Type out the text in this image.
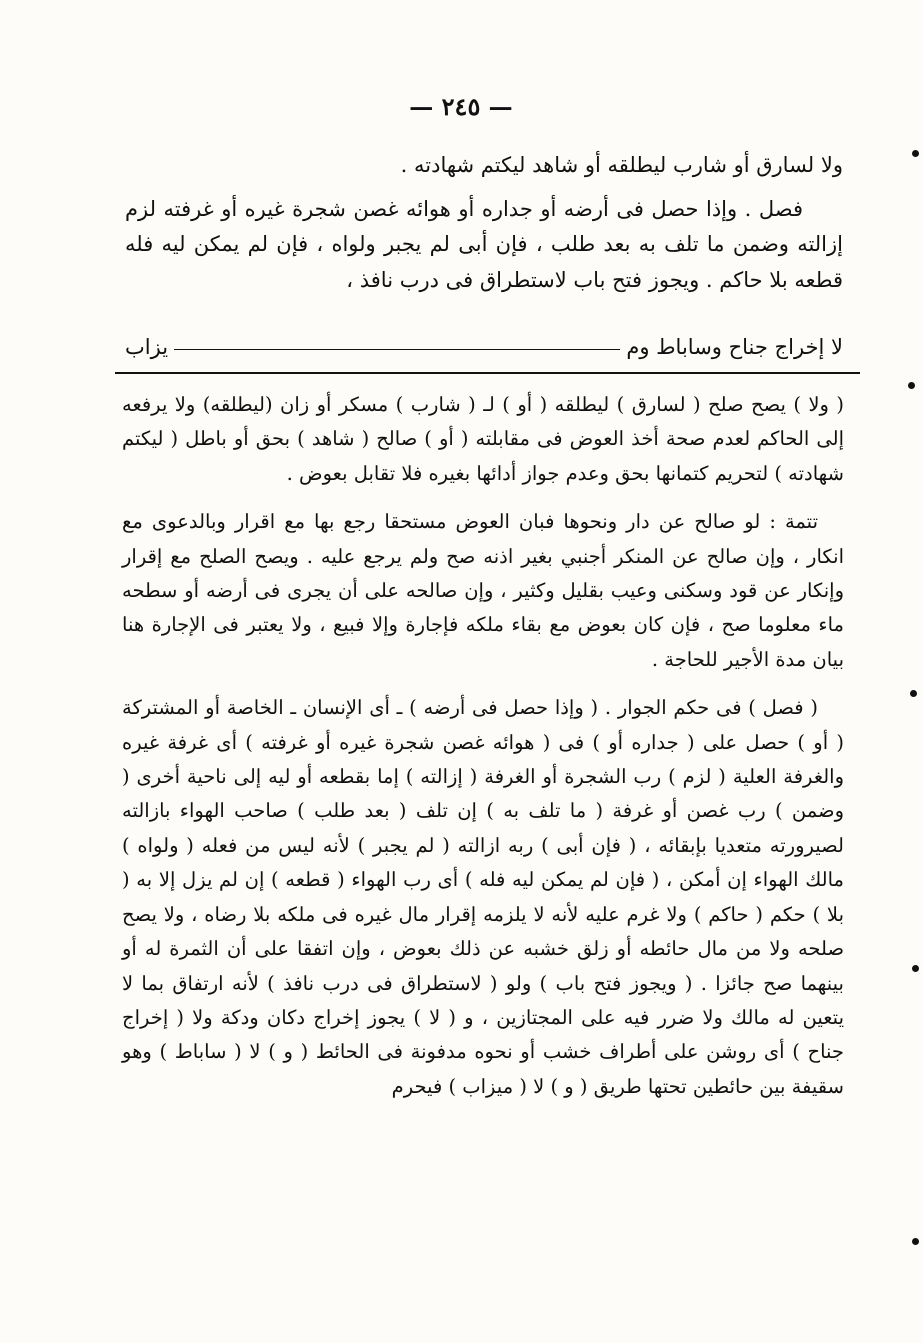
— ٢٤٥ —

ولا لسارق أو شارب ليطلقه أو شاهد ليكتم شهادته .

فصل . وإذا حصل فى أرضه أو جداره أو هوائه غصن شجرة غيره أو غرفته لزم إزالته وضمن ما تلف به بعد طلب ، فإن أبى لم يجبر ولواه ، فإن لم يمكن ليه فله قطعه بلا حاكم . ويجوز فتح باب لاستطراق فى درب نافذ ،

لا إخراج جناح وساباط وم
يزاب

( ولا ) يصح صلح ( لسارق ) ليطلقه ( أو ) لـ ( شارب ) مسكر أو زان (ليطلقه) ولا يرفعه إلى الحاكم لعدم صحة أخذ العوض فى مقابلته ( أو ) صالح ( شاهد ) بحق أو باطل ( ليكتم شهادته ) لتحريم كتمانها بحق وعدم جواز أدائها بغيره فلا تقابل بعوض .

تتمة : لو صالح عن دار ونحوها فبان العوض مستحقا رجع بها مع اقرار وبالدعوى مع انكار ، وإن صالح عن المنكر أجنبي بغير اذنه صح ولم يرجع عليه . ويصح الصلح مع إقرار وإنكار عن قود وسكنى وعيب بقليل وكثير ، وإن صالحه على أن يجرى فى أرضه أو سطحه ماء معلوما صح ، فإن كان بعوض مع بقاء ملكه فإجارة وإلا فبيع ، ولا يعتبر فى الإجارة هنا بيان مدة الأجير للحاجة .

( فصل ) فى حكم الجوار . ( وإذا حصل فى أرضه ) ـ أى الإنسان ـ الخاصة أو المشتركة ( أو ) حصل على ( جداره أو ) فى ( هوائه غصن شجرة غيره أو غرفته ) أى غرفة غيره والغرفة العلية ( لزم ) رب الشجرة أو الغرفة ( إزالته ) إما بقطعه أو ليه إلى ناحية أخرى ( وضمن ) رب غصن أو غرفة ( ما تلف به ) إن تلف ( بعد طلب ) صاحب الهواء بازالته لصيرورته متعديا بإبقائه ، ( فإن أبى ) ربه ازالته ( لم يجبر ) لأنه ليس من فعله ( ولواه ) مالك الهواء إن أمكن ، ( فإن لم يمكن ليه فله ) أى رب الهواء ( قطعه ) إن لم يزل إلا به ( بلا ) حكم ( حاكم ) ولا غرم عليه لأنه لا يلزمه إقرار مال غيره فى ملكه بلا رضاه ، ولا يصح صلحه ولا من مال حائطه أو زلق خشبه عن ذلك بعوض ، وإن اتفقا على أن الثمرة له أو بينهما صح جائزا . ( ويجوز فتح باب ) ولو ( لاستطراق فى درب نافذ ) لأنه ارتفاق بما لا يتعين له مالك ولا ضرر فيه على المجتازين ، و ( لا ) يجوز إخراج دكان ودكة ولا ( إخراج جناح ) أى روشن على أطراف خشب أو نحوه مدفونة فى الحائط ( و ) لا ( ساباط ) وهو سقيفة بين حائطين تحتها طريق ( و ) لا ( ميزاب ) فيحرم
